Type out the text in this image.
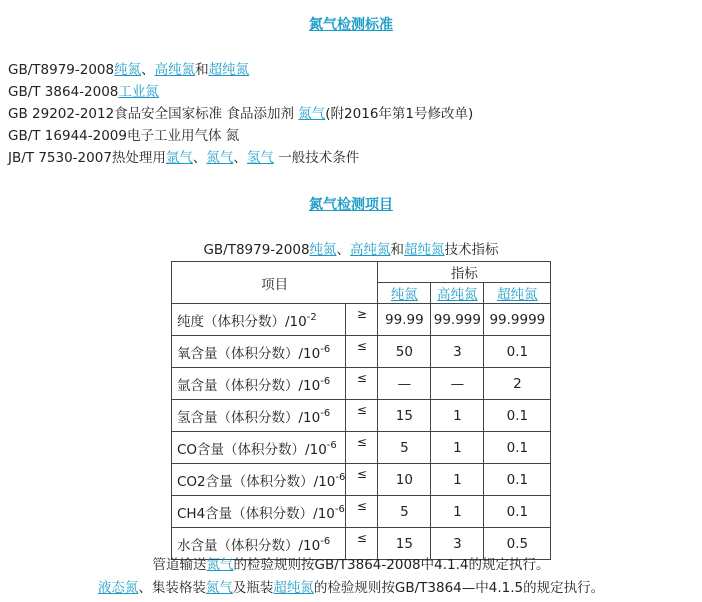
氮气检测标准
GB/T8979-2008纯氮、高纯氮和超纯氮
GB/T 3864-2008工业氮
GB 29202-2012食品安全国家标准 食品添加剂 氮气(附2016年第1号修改单)
GB/T 16944-2009电子工业用气体 氮
JB/T 7530-2007热处理用氩气、氮气、氢气 一般技术条件
氮气检测项目
GB/T8979-2008纯氮、高纯氮和超纯氮技术指标
项目		指标		
		纯氮	高纯氮	超纯氮
纯度（体积分数）$/10^{-2}$	≥	99.99	99.999	99.9999
氧含量（体积分数）$/10^{-6}$	≤	50	3	0.1
氩含量（体积分数）$/10^{-6}$	≤	—	—	2
氢含量（体积分数）$/10^{-6}$	≤	15	1	0.1
CO含量（体积分数）$/10^{-6}$	≤	5	1	0.1
CO2含量（体积分数）$/10^{-6}$	≤	10	1	0.1
CH4含量（体积分数）$/10^{-6}$	≤	5	1	0.1
水含量（体积分数）$/10^{-6}$	≤	15	3	0.5
管道输送氮气的检验规则按GB/T3864-2008中4.1.4的规定执行。
液态氮、集装格装氮气及瓶装超纯氮的检验规则按GB/T3864—中4.1.5的规定执行。
